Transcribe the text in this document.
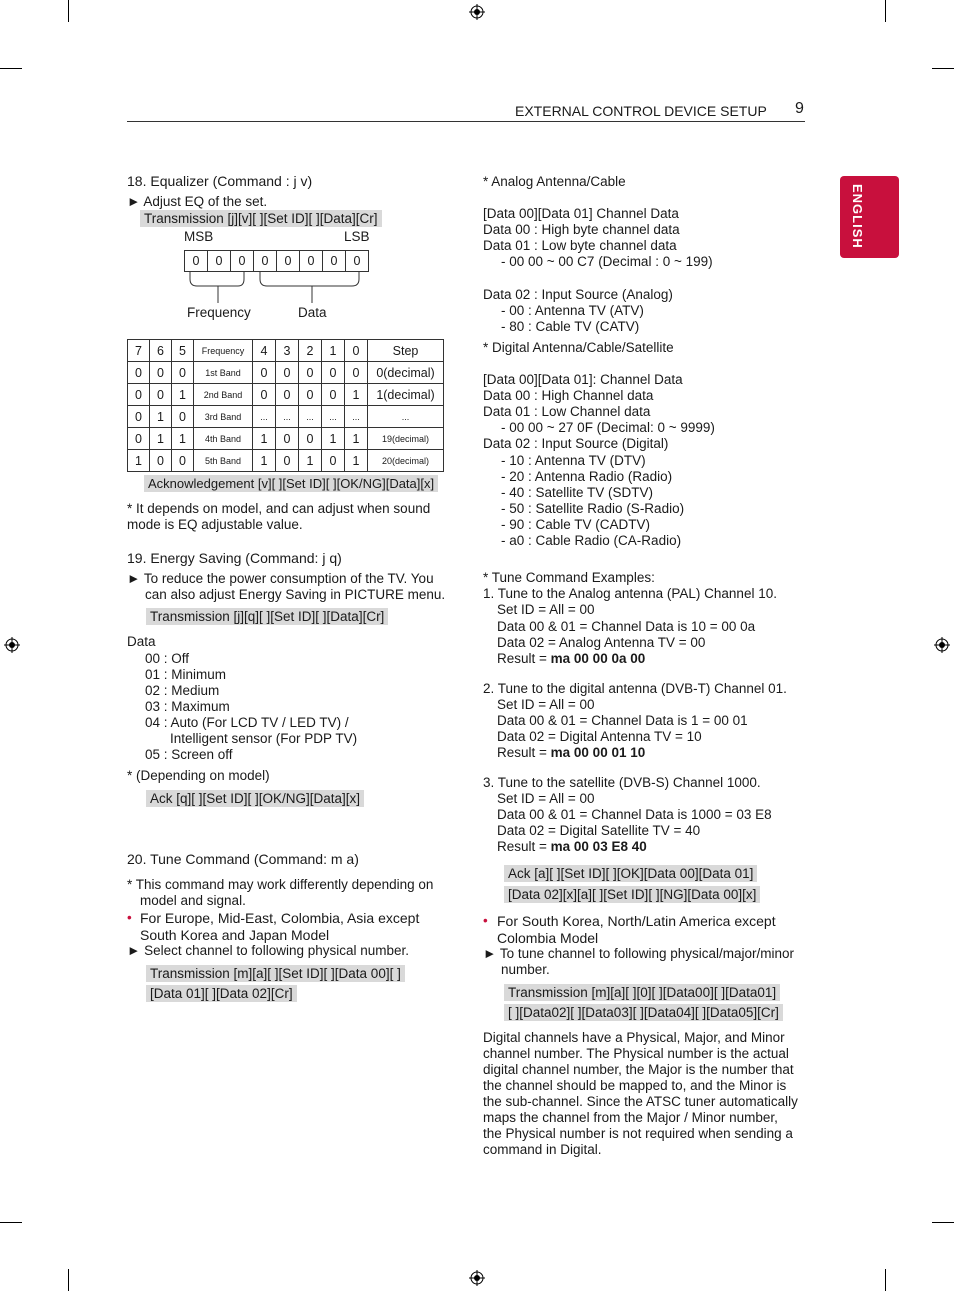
EXTERNAL CONTROL DEVICE SETUP 9
ENGLISH
18. Equalizer (Command : j v)
► Adjust EQ of the set.
Transmission [j][v][ ][Set ID][ ][Data][Cr]
MSB	LSB
0	0	0	0	0	0	0	0
Frequency	Data
7	6	5	Frequency	4	3	2	1	0	Step
0	0	0	1st Band	0	0	0	0	0	0(decimal)
0	0	1	2nd Band	0	0	0	0	1	1(decimal)
0	1	0	3rd Band	...	...	...	...	...	...
0	1	1	4th Band	1	0	0	1	1	19(decimal)
1	0	0	5th Band	1	0	1	0	1	20(decimal)
Acknowledgement [v][ ][Set ID][ ][OK/NG][Data][x]
* It depends on model, and can adjust when sound
mode is EQ adjustable value.
19. Energy Saving (Command: j q)
► To reduce the power consumption of the TV. You
can also adjust Energy Saving in PICTURE menu.
Transmission [j][q][ ][Set ID][ ][Data][Cr]
Data
00 : Off
01 : Minimum
02 : Medium
03 : Maximum
04 : Auto (For LCD TV / LED TV) /
Intelligent sensor (For PDP TV)
05 : Screen off
* (Depending on model)
Ack [q][ ][Set ID][ ][OK/NG][Data][x]
20. Tune Command (Command: m a)
* This command may work differently depending on
model and signal.
• For Europe, Mid-East, Colombia, Asia except
South Korea and Japan Model
► Select channel to following physical number.
Transmission [m][a][ ][Set ID][ ][Data 00][ ]
[Data 01][ ][Data 02][Cr]
* Analog Antenna/Cable
[Data 00][Data 01] Channel Data
Data 00 : High byte channel data
Data 01 : Low byte channel data
- 00 00 ~ 00 C7 (Decimal : 0 ~ 199)
Data 02 : Input Source (Analog)
- 00 : Antenna TV (ATV)
- 80 : Cable TV (CATV)
* Digital Antenna/Cable/Satellite
[Data 00][Data 01]: Channel Data
Data 00 : High Channel data
Data 01 : Low Channel data
- 00 00 ~ 27 0F (Decimal: 0 ~ 9999)
Data 02 : Input Source (Digital)
- 10 : Antenna TV (DTV)
- 20 : Antenna Radio (Radio)
- 40 : Satellite TV (SDTV)
- 50 : Satellite Radio (S-Radio)
- 90 : Cable TV (CADTV)
- a0 : Cable Radio (CA-Radio)
* Tune Command Examples:
1. Tune to the Analog antenna (PAL) Channel 10.
Set ID = All = 00
Data 00 & 01 = Channel Data is 10 = 00 0a
Data 02 = Analog Antenna TV = 00
Result = ma 00 00 0a 00
2. Tune to the digital antenna (DVB-T) Channel 01.
Set ID = All = 00
Data 00 & 01 = Channel Data is 1 = 00 01
Data 02 = Digital Antenna TV = 10
Result = ma 00 00 01 10
3. Tune to the satellite (DVB-S) Channel 1000.
Set ID = All = 00
Data 00 & 01 = Channel Data is 1000 = 03 E8
Data 02 = Digital Satellite TV = 40
Result = ma 00 03 E8 40
Ack [a][ ][Set ID][ ][OK][Data 00][Data 01]
[Data 02][x][a][ ][Set ID][ ][NG][Data 00][x]
• For South Korea, North/Latin America except
Colombia Model
► To tune channel to following physical/major/minor
number.
Transmission [m][a][ ][0][ ][Data00][ ][Data01]
[ ][Data02][ ][Data03][ ][Data04][ ][Data05][Cr]

Digital channels have a Physical, Major, and Minor

channel number. The Physical number is the actual

digital channel number, the Major is the number that

the channel should be mapped to, and the Minor is

the sub-channel. Since the ATSC tuner automatically

maps the channel from the Major / Minor number,

the Physical number is not required when sending a

command in Digital.
